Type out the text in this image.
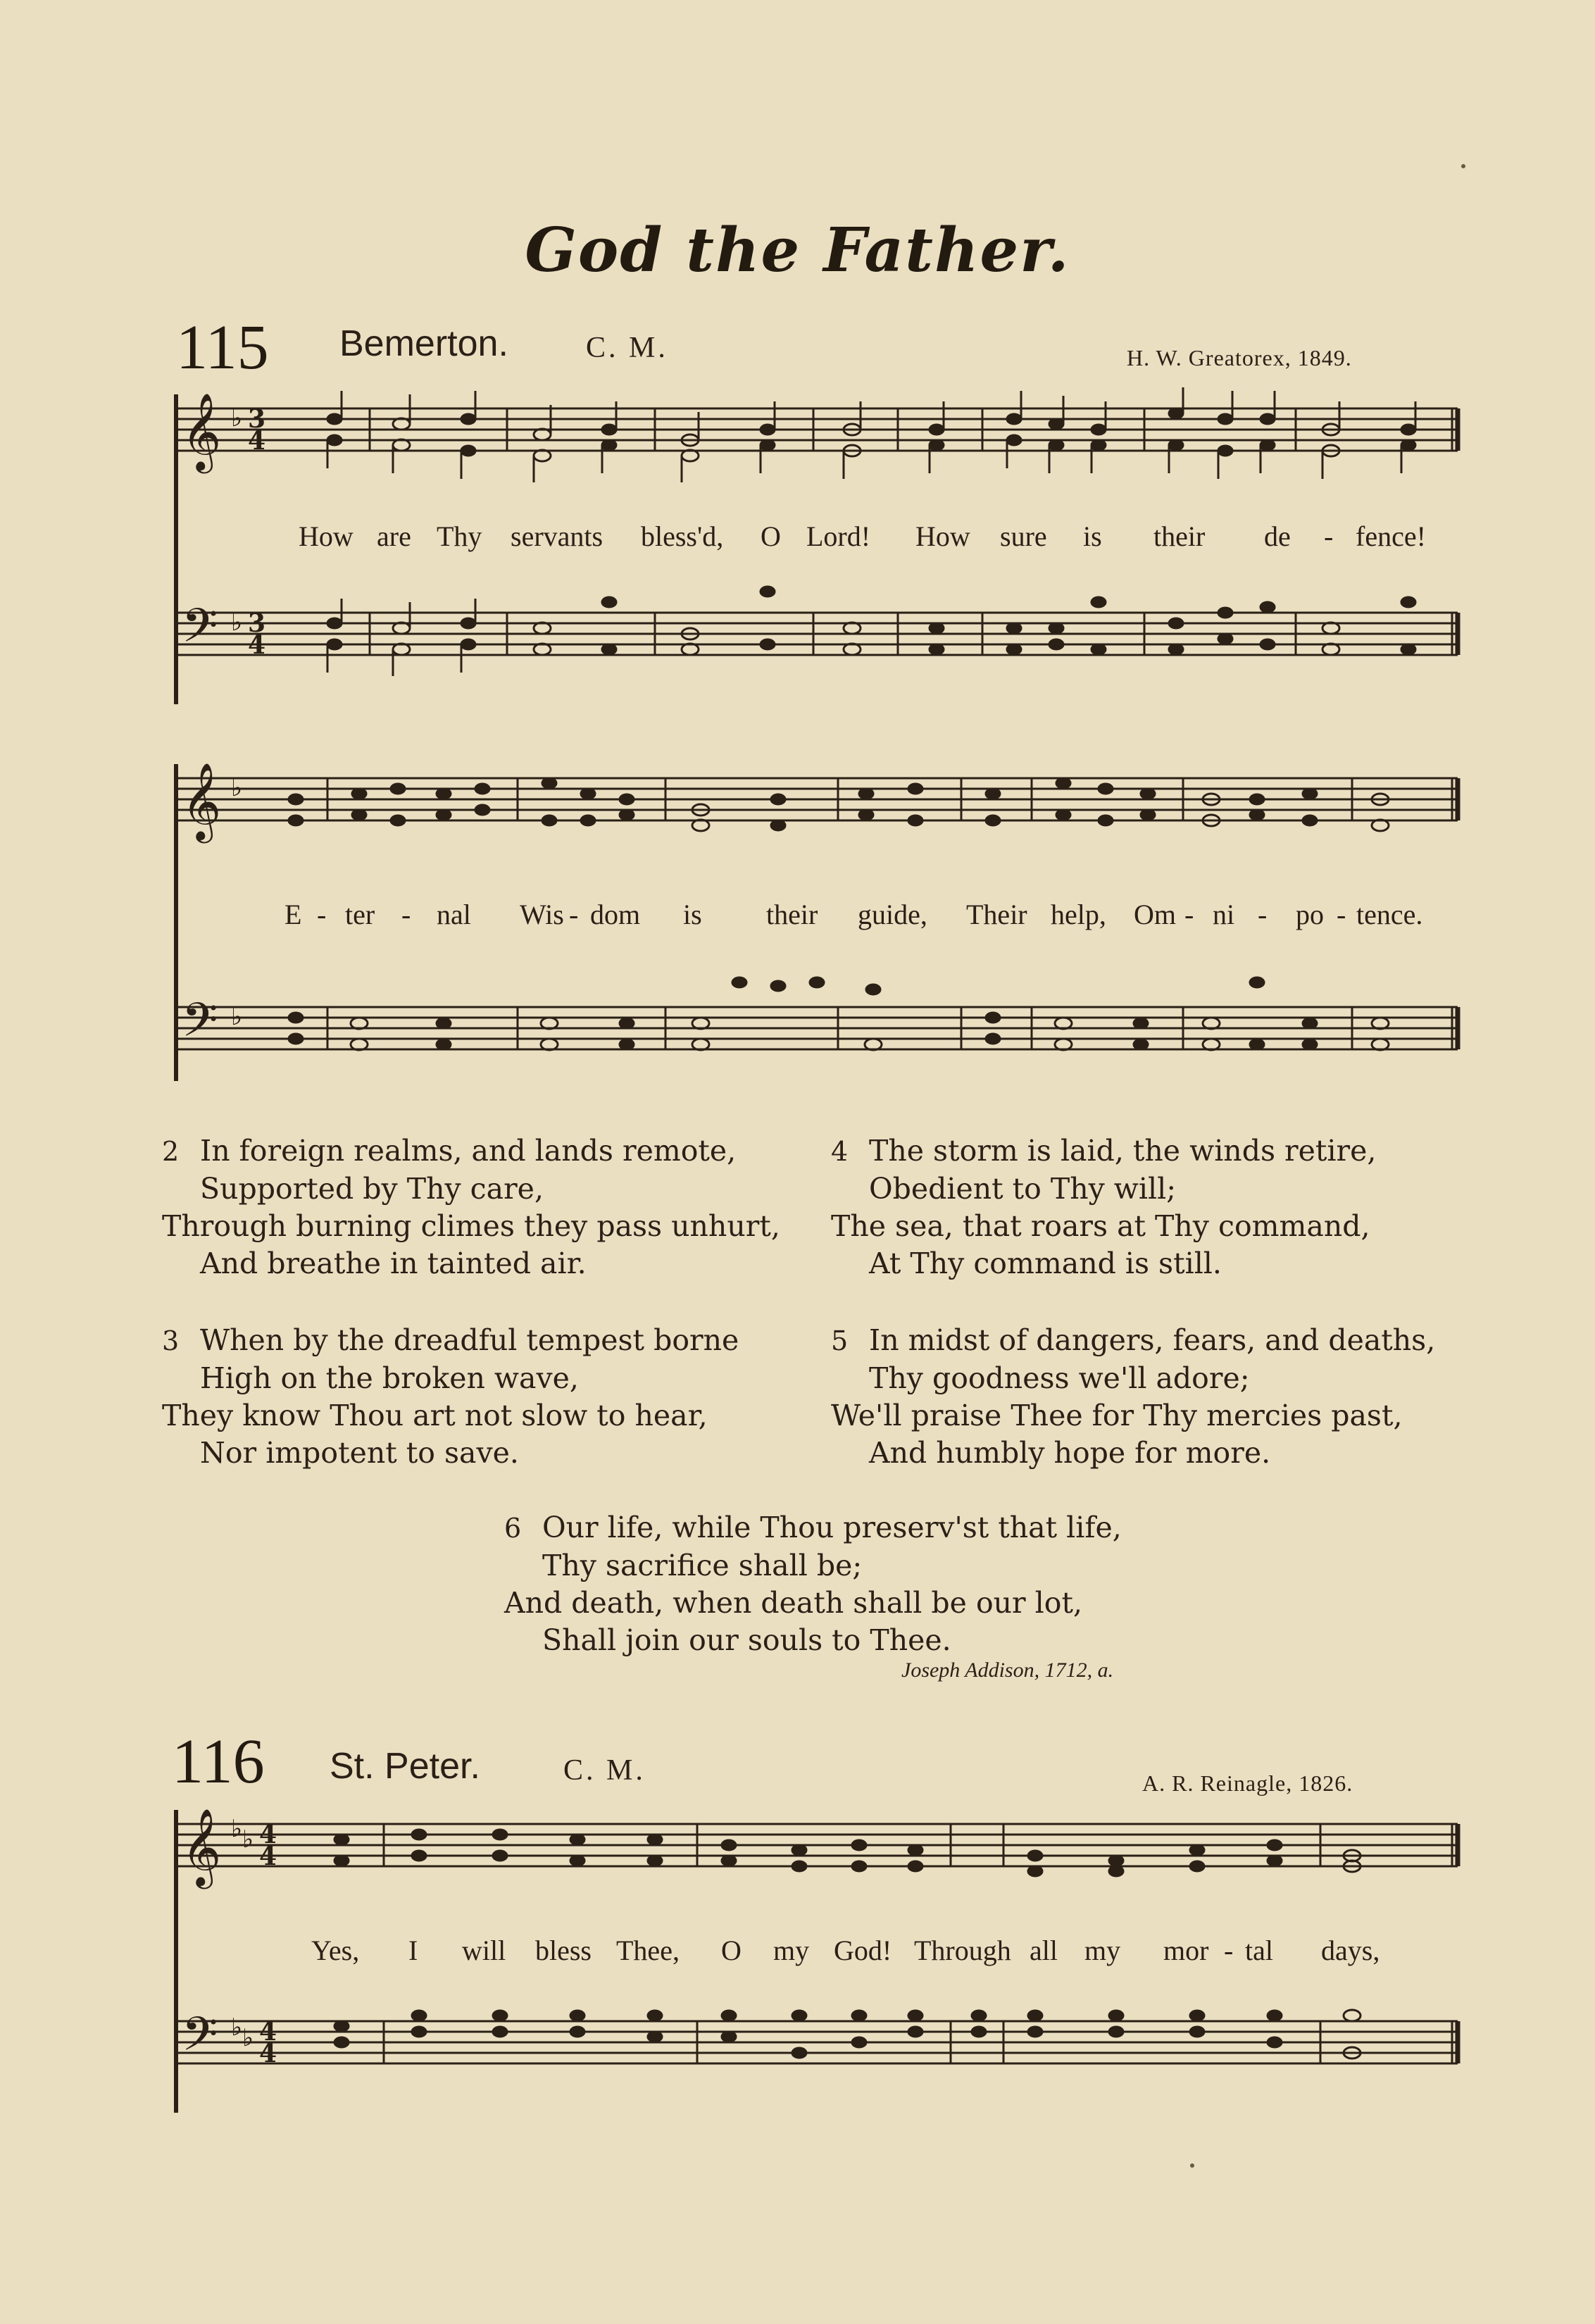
God the Father.
115 Bemerton.	C. M.	H. W. Greatorex, 1849.
𝄞
𝄢
♭
♭
3
4
3
4
How are Thy servants bless'd, O Lord! How sure is their de - fence!
𝄞
𝄢
♭
♭
E - ter - nal Wis - dom is their guide, Their help, Om - ni - po - tence.
2 In foreign realms, and lands remote,
Supported by Thy care,
Through burning climes they pass unhurt,
And breathe in tainted air.
4 The storm is laid, the winds retire,
Obedient to Thy will;
The sea, that roars at Thy command,
At Thy command is still.
3 When by the dreadful tempest borne
High on the broken wave,
They know Thou art not slow to hear,
Nor impotent to save.
5 In midst of dangers, fears, and deaths,
Thy goodness we'll adore;
We'll praise Thee for Thy mercies past,
And humbly hope for more.
6 Our life, while Thou preserv'st that life,
Thy sacrifice shall be;
And death, when death shall be our lot,
Shall join our souls to Thee.
Joseph Addison, 1712, a.
116 St. Peter.	C. M.	A. R. Reinagle, 1826.
𝄞
𝄢
♭ ♭
♭ ♭
4
4
4
4
Yes, I will bless Thee, O my God! Through all my mor - tal days,
